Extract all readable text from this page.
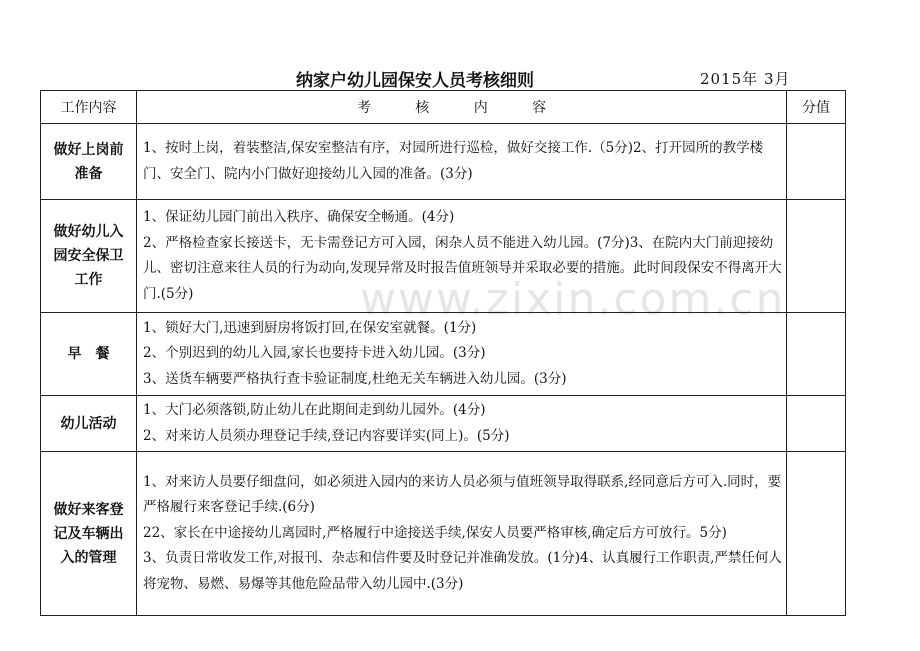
纳家户幼儿园保安人员考核细则	2015年 3月
www.zixin.com.cn
工作内容	考 核 内 容	分值
做好上岗前准备	1、按时上岗，着装整洁,保安室整洁有序，对园所进行巡检，做好交接工作.（5分)2、打开园所的教学楼门、安全门、院内小门做好迎接幼儿入园的准备。(3分)	

做好幼儿入园安全保卫工作	1、保证幼儿园门前出入秩序、确保安全畅通。(4分)
2、严格检查家长接送卡，无卡需登记方可入园，闲杂人员不能进入幼儿园。(7分)3、在院内大门前迎接幼儿、密切注意来往人员的行为动向,发现异常及时报告值班领导并采取必要的措施。此时间段保安不得离开大门.(5分)	

早　餐	1、锁好大门,迅速到厨房将饭打回,在保安室就餐。(1分)
2、个别迟到的幼儿入园,家长也要持卡进入幼儿园。(3分)
3、送货车辆要严格执行查卡验证制度,杜绝无关车辆进入幼儿园。(3分)	

幼儿活动	1、大门必须落锁,防止幼儿在此期间走到幼儿园外。(4分)
2、对来访人员须办理登记手续,登记内容要详实(同上)。(5分)	

做好来客登记及车辆出入的管理	1、对来访人员要仔细盘问，如必须进入园内的来访人员必须与值班领导取得联系,经同意后方可入.同时，要严格履行来客登记手续.(6分)
22、家长在中途接幼儿离园时,严格履行中途接送手续,保安人员要严格审核,确定后方可放行。5分)
3、负责日常收发工作,对报刊、杂志和信件要及时登记并准确发放。(1分)4、认真履行工作职责,严禁任何人将宠物、易燃、易爆等其他危险品带入幼儿园中.(3分)	
